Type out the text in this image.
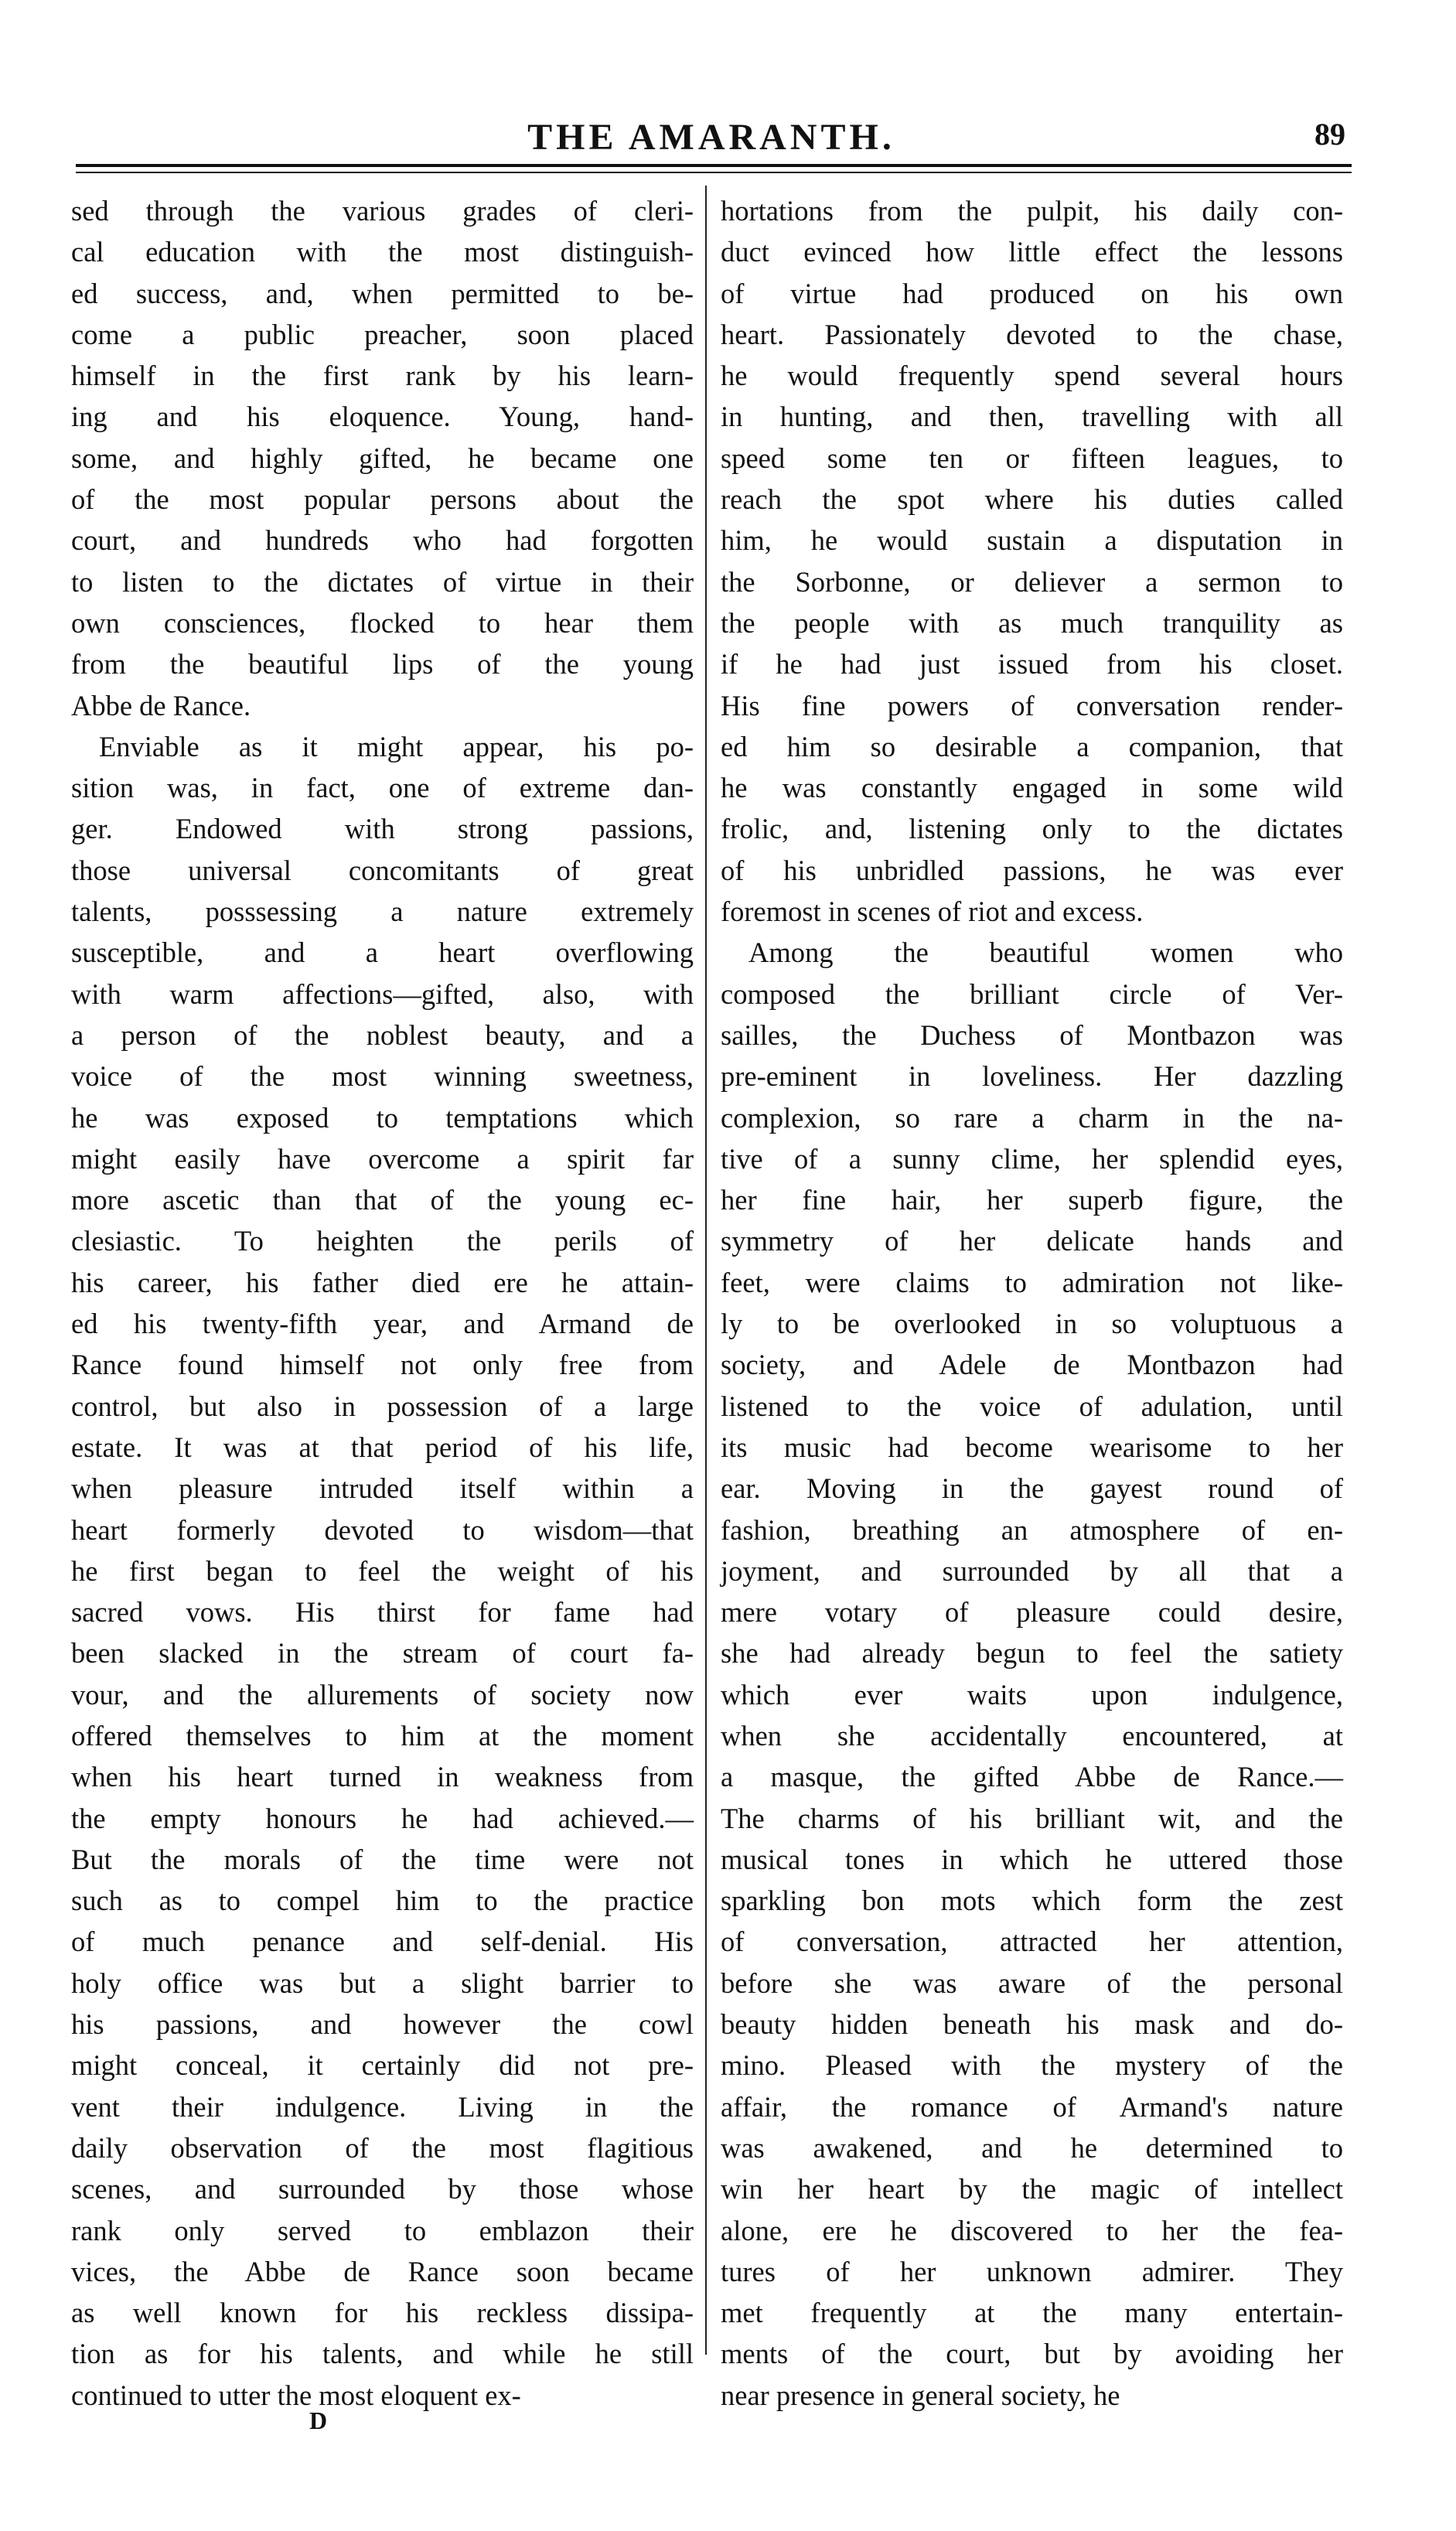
THE AMARANTH.	89
sed through the various grades of cleri-
cal education with the most distinguish-
ed success, and, when permitted to be-
come a public preacher, soon placed
himself in the first rank by his learn-
ing and his eloquence. Young, hand-
some, and highly gifted, he became one
of the most popular persons about the
court, and hundreds who had forgotten
to listen to the dictates of virtue in their
own consciences, flocked to hear them
from the beautiful lips of the young
Abbe de Rance.
Enviable as it might appear, his po-
sition was, in fact, one of extreme dan-
ger. Endowed with strong passions,
those universal concomitants of great
talents, posssessing a nature extremely
susceptible, and a heart overflowing
with warm affections—gifted, also, with
a person of the noblest beauty, and a
voice of the most winning sweetness,
he was exposed to temptations which
might easily have overcome a spirit far
more ascetic than that of the young ec-
clesiastic. To heighten the perils of
his career, his father died ere he attain-
ed his twenty-fifth year, and Armand de
Rance found himself not only free from
control, but also in possession of a large
estate. It was at that period of his life,
when pleasure intruded itself within a
heart formerly devoted to wisdom—that
he first began to feel the weight of his
sacred vows. His thirst for fame had
been slacked in the stream of court fa-
vour, and the allurements of society now
offered themselves to him at the moment
when his heart turned in weakness from
the empty honours he had achieved.—
But the morals of the time were not
such as to compel him to the practice
of much penance and self-denial. His
holy office was but a slight barrier to
his passions, and however the cowl
might conceal, it certainly did not pre-
vent their indulgence. Living in the
daily observation of the most flagitious
scenes, and surrounded by those whose
rank only served to emblazon their
vices, the Abbe de Rance soon became
as well known for his reckless dissipa-
tion as for his talents, and while he still
continued to utter the most eloquent ex-
hortations from the pulpit, his daily con-
duct evinced how little effect the lessons
of virtue had produced on his own
heart. Passionately devoted to the chase,
he would frequently spend several hours
in hunting, and then, travelling with all
speed some ten or fifteen leagues, to
reach the spot where his duties called
him, he would sustain a disputation in
the Sorbonne, or deliever a sermon to
the people with as much tranquility as
if he had just issued from his closet.
His fine powers of conversation render-
ed him so desirable a companion, that
he was constantly engaged in some wild
frolic, and, listening only to the dictates
of his unbridled passions, he was ever
foremost in scenes of riot and excess.
Among the beautiful women who
composed the brilliant circle of Ver-
sailles, the Duchess of Montbazon was
pre-eminent in loveliness. Her dazzling
complexion, so rare a charm in the na-
tive of a sunny clime, her splendid eyes,
her fine hair, her superb figure, the
symmetry of her delicate hands and
feet, were claims to admiration not like-
ly to be overlooked in so voluptuous a
society, and Adele de Montbazon had
listened to the voice of adulation, until
its music had become wearisome to her
ear. Moving in the gayest round of
fashion, breathing an atmosphere of en-
joyment, and surrounded by all that a
mere votary of pleasure could desire,
she had already begun to feel the satiety
which ever waits upon indulgence,
when she accidentally encountered, at
a masque, the gifted Abbe de Rance.—
The charms of his brilliant wit, and the
musical tones in which he uttered those
sparkling bon mots which form the zest
of conversation, attracted her attention,
before she was aware of the personal
beauty hidden beneath his mask and do-
mino. Pleased with the mystery of the
affair, the romance of Armand's nature
was awakened, and he determined to
win her heart by the magic of intellect
alone, ere he discovered to her the fea-
tures of her unknown admirer. They
met frequently at the many entertain-
ments of the court, but by avoiding her
near presence in general society, he
D
